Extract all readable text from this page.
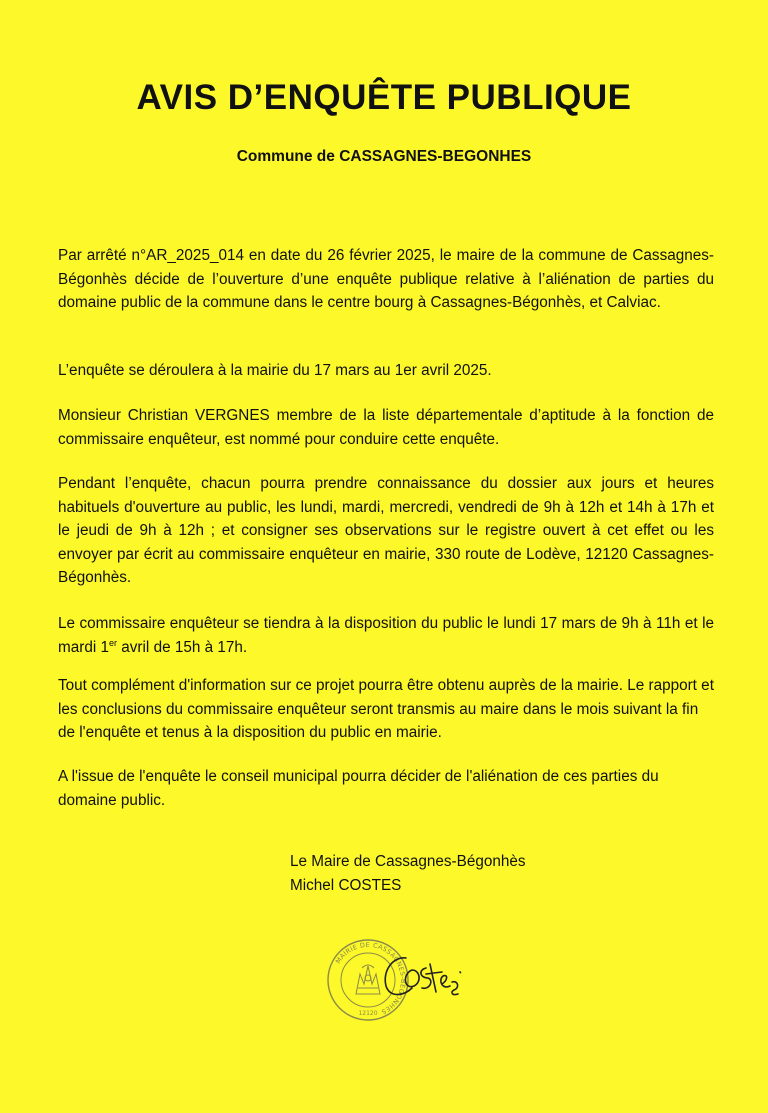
AVIS D’ENQUÊTE PUBLIQUE
Commune de CASSAGNES-BEGONHES

Par arrêté n°AR_2025_014 en date du 26 février 2025, le maire de la commune de Cassagnes-Bégonhès décide de l’ouverture d’une enquête publique relative à l’aliénation de parties du domaine public de la commune dans le centre bourg à Cassagnes-Bégonhès, et Calviac.

L’enquête se déroulera à la mairie du 17 mars au 1er avril 2025.

Monsieur Christian VERGNES membre de la liste départementale d’aptitude à la fonction de commissaire enquêteur, est nommé pour conduire cette enquête.

Pendant l’enquête, chacun pourra prendre connaissance du dossier aux jours et heures habituels d'ouverture au public, les lundi, mardi, mercredi, vendredi de 9h à 12h et 14h à 17h et le jeudi de 9h à 12h ; et consigner ses observations sur le registre ouvert à cet effet ou les envoyer par écrit au commissaire enquêteur en mairie, 330 route de Lodève, 12120 Cassagnes-Bégonhès.

Le commissaire enquêteur se tiendra à la disposition du public le lundi 17 mars de 9h à 11h et le mardi 1er avril de 15h à 17h.

Tout complément d'information sur ce projet pourra être obtenu auprès de la mairie. Le rapport et les conclusions du commissaire enquêteur seront transmis au maire dans le mois suivant la fin de l'enquête et tenus à la disposition du public en mairie.

A l'issue de l'enquête le conseil municipal pourra décider de l'aliénation de ces parties du domaine public.

Le Maire de Cassagnes-Bégonhès
Michel COSTES
MAIRIE DE CASSAGNES-BEGONHES
12120
